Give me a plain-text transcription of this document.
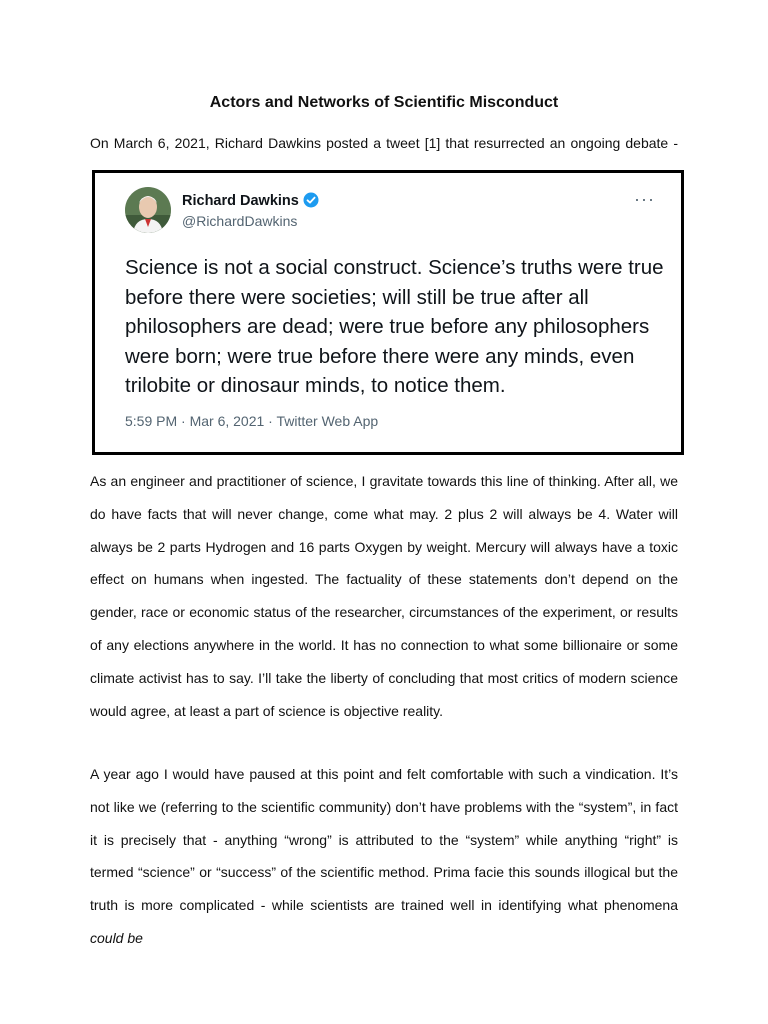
Actors and Networks of Scientific Misconduct
On March 6, 2021, Richard Dawkins posted a tweet [1] that resurrected an ongoing debate -
Richard Dawkins
@RichardDawkins
···
Science is not a social construct. Science’s truths were true before there were societies; will still be true after all philosophers are dead; were true before any philosophers were born; were true before there were any minds, even trilobite or dinosaur minds, to notice them.
5:59 PM · Mar 6, 2021 · Twitter Web App
As an engineer and practitioner of science, I gravitate towards this line of thinking. After all, we do have facts that will never change, come what may. 2 plus 2 will always be 4. Water will always be 2 parts Hydrogen and 16 parts Oxygen by weight. Mercury will always have a toxic effect on humans when ingested. The factuality of these statements don’t depend on the gender, race or economic status of the researcher, circumstances of the experiment, or results of any elections anywhere in the world. It has no connection to what some billionaire or some climate activist has to say. I’ll take the liberty of concluding that most critics of modern science would agree, at least a part of science is objective reality.
A year ago I would have paused at this point and felt comfortable with such a vindication. It’s not like we (referring to the scientific community) don’t have problems with the “system”, in fact it is precisely that - anything “wrong” is attributed to the “system” while anything “right” is termed “science” or “success” of the scientific method. Prima facie this sounds illogical but the truth is more complicated - while scientists are trained well in identifying what phenomena could be
